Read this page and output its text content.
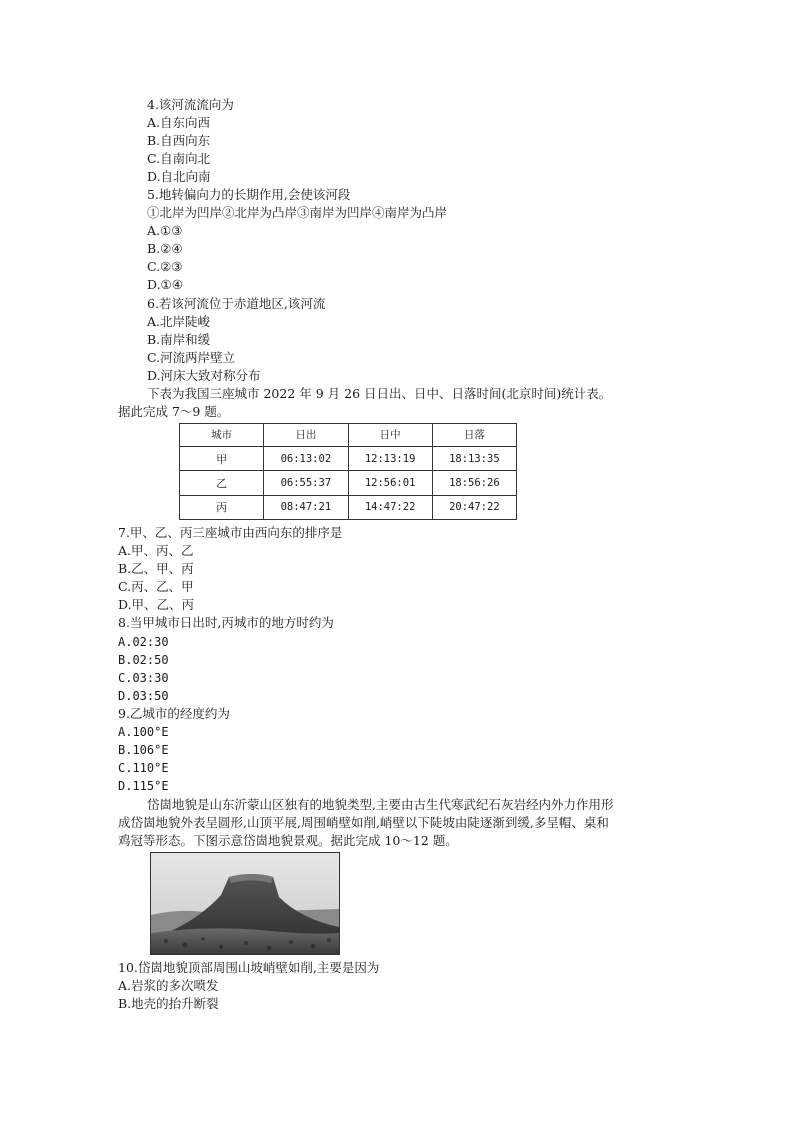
4.该河流流向为
A.自东向西
B.自西向东
C.自南向北
D.自北向南
5.地转偏向力的长期作用,会使该河段
①北岸为凹岸②北岸为凸岸③南岸为凹岸④南岸为凸岸
A.①③
B.②④
C.②③
D.①④
6.若该河流位于赤道地区,该河流
A.北岸陡峻
B.南岸和缓
C.河流两岸壁立
D.河床大致对称分布
下表为我国三座城市 2022 年 9 月 26 日日出、日中、日落时间(北京时间)统计表。
据此完成 7～9 题。
城市	日出	日中	日落
甲	06:13:02	12:13:19	18:13:35
乙	06:55:37	12:56:01	18:56:26
丙	08:47:21	14:47:22	20:47:22
7.甲、乙、丙三座城市由西向东的排序是
A.甲、丙、乙
B.乙、甲、丙
C.丙、乙、甲
D.甲、乙、丙
8.当甲城市日出时,丙城市的地方时约为
A.02:30
B.02:50
C.03:30
D.03:50
9.乙城市的经度约为
A.100°E
B.106°E
C.110°E
D.115°E
岱崮地貌是山东沂蒙山区独有的地貌类型,主要由古生代寒武纪石灰岩经内外力作用形
成岱崮地貌外表呈圆形,山顶平展,周围峭壁如削,峭壁以下陡坡由陡逐渐到缓,多呈帽、桌和
鸡冠等形态。下图示意岱崮地貌景观。据此完成 10～12 题。
10.岱崮地貌顶部周围山坡峭壁如削,主要是因为
A.岩浆的多次喷发
B.地壳的抬升断裂
